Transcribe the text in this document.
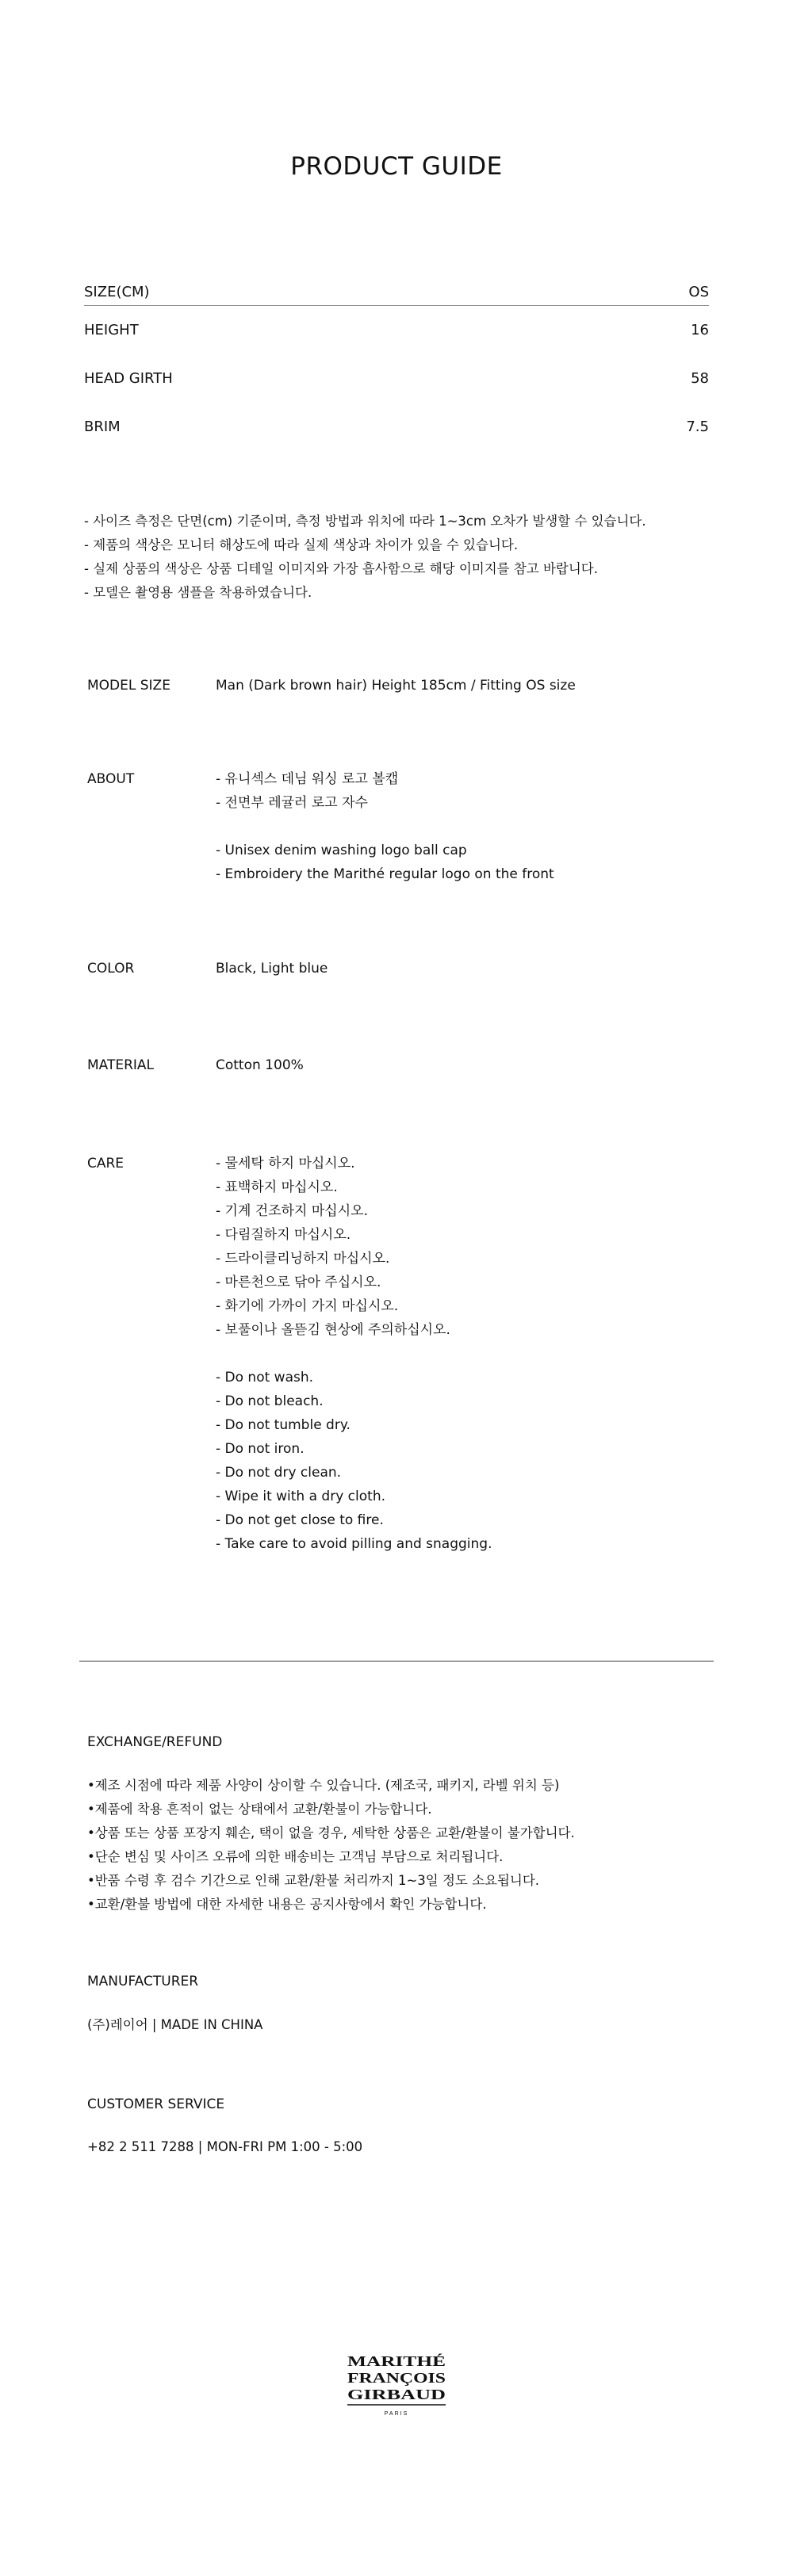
PRODUCT GUIDE
SIZE(CM)	OS
HEIGHT	16
HEAD GIRTH	58
BRIM	7.5
- 사이즈 측정은 단면(cm) 기준이며, 측정 방법과 위치에 따라 1~3cm 오차가 발생할 수 있습니다.
- 제품의 색상은 모니터 해상도에 따라 실제 색상과 차이가 있을 수 있습니다.
- 실제 상품의 색상은 상품 디테일 이미지와 가장 흡사함으로 해당 이미지를 참고 바랍니다.
- 모델은 촬영용 샘플을 착용하였습니다.
MODEL SIZE	Man (Dark brown hair) Height 185cm / Fitting OS size
ABOUT	- 유니섹스 데님 워싱 로고 볼캡
- 전면부 레귤러 로고 자수
- Unisex denim washing logo ball cap
- Embroidery the Marithé regular logo on the front
COLOR	Black, Light blue
MATERIAL	Cotton 100%
CARE	- 물세탁 하지 마십시오.
- 표백하지 마십시오.
- 기계 건조하지 마십시오.
- 다림질하지 마십시오.
- 드라이클리닝하지 마십시오.
- 마른천으로 닦아 주십시오.
- 화기에 가까이 가지 마십시오.
- 보풀이나 올뜯김 현상에 주의하십시오.
- Do not wash.
- Do not bleach.
- Do not tumble dry.
- Do not iron.
- Do not dry clean.
- Wipe it with a dry cloth.
- Do not get close to fire.
- Take care to avoid pilling and snagging.
EXCHANGE/REFUND
•제조 시점에 따라 제품 사양이 상이할 수 있습니다. (제조국, 패키지, 라벨 위치 등)
•제품에 착용 흔적이 없는 상태에서 교환/환불이 가능합니다.
•상품 또는 상품 포장지 훼손, 택이 없을 경우, 세탁한 상품은 교환/환불이 불가합니다.
•단순 변심 및 사이즈 오류에 의한 배송비는 고객님 부담으로 처리됩니다.
•반품 수령 후 검수 기간으로 인해 교환/환불 처리까지 1~3일 정도 소요됩니다.
•교환/환불 방법에 대한 자세한 내용은 공지사항에서 확인 가능합니다.
MANUFACTURER
(주)레이어 | MADE IN CHINA
CUSTOMER SERVICE
+82 2 511 7288 | MON-FRI PM 1:00 - 5:00
MARITHÉ
FRANÇOIS
GIRBAUD
PARIS
